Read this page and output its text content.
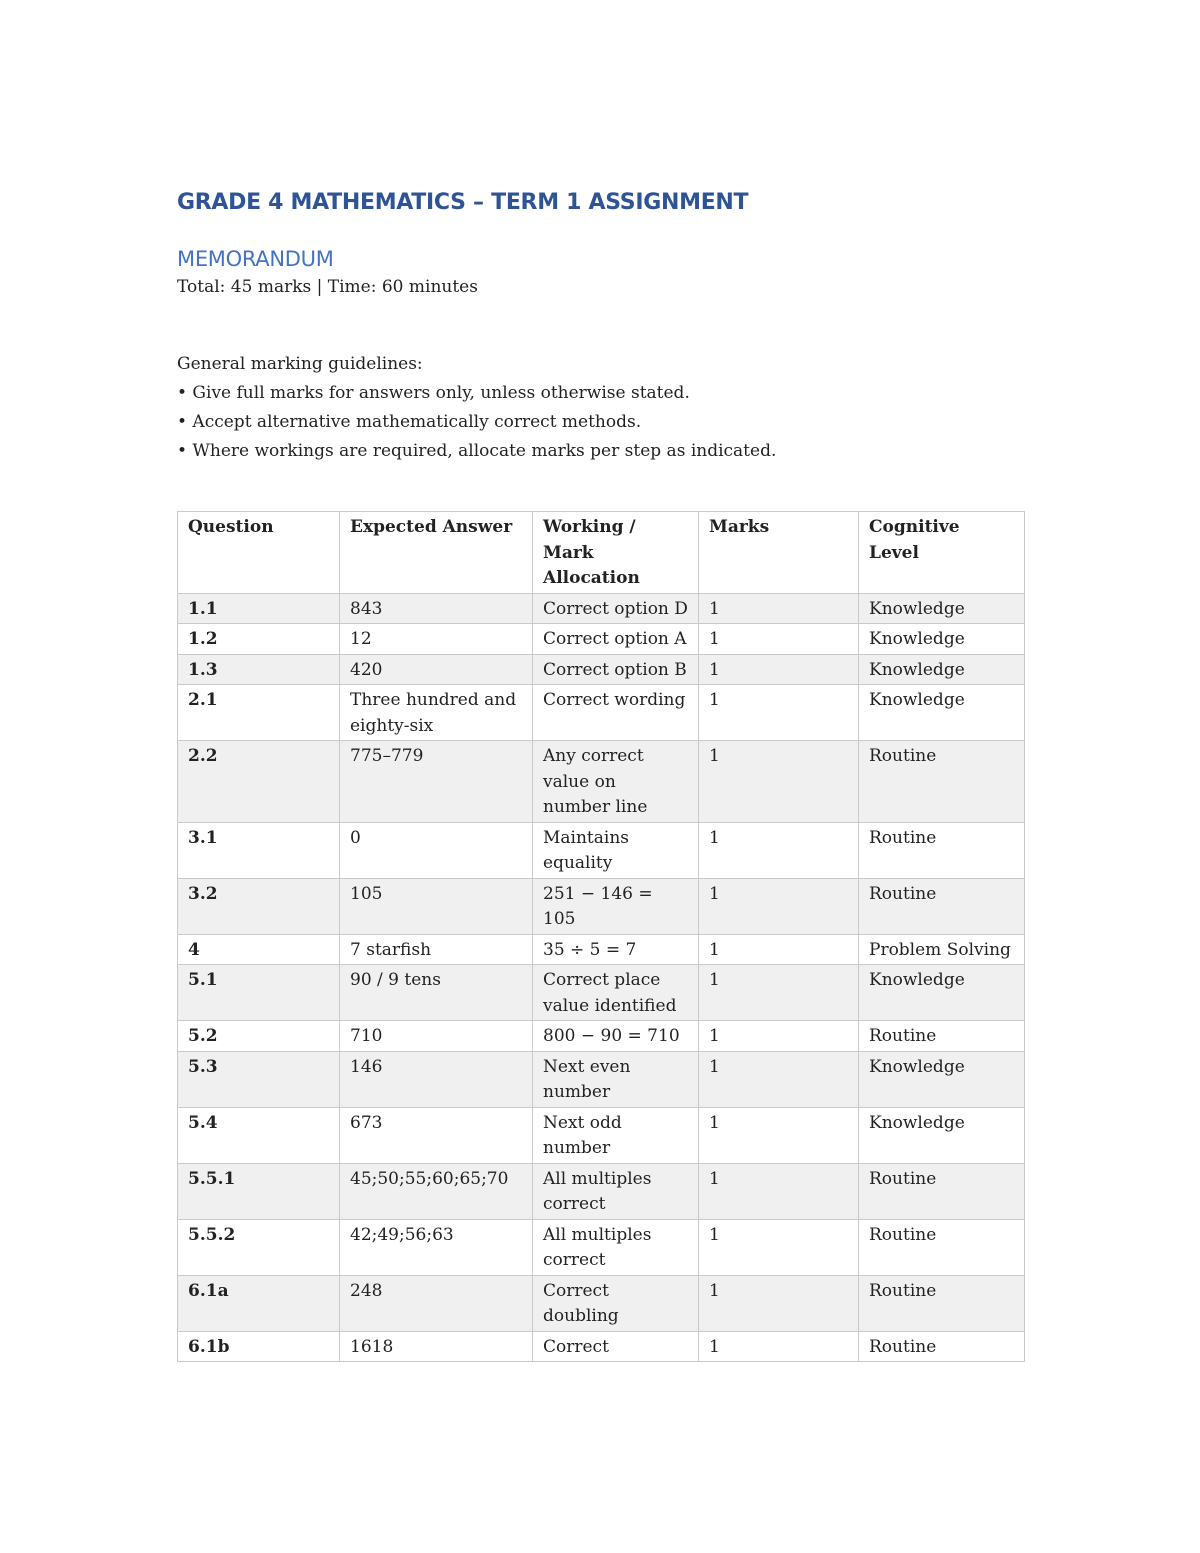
GRADE 4 MATHEMATICS – TERM 1 ASSIGNMENT
MEMORANDUM

Total: 45 marks | Time: 60 minutes

General marking guidelines:

• Give full marks for answers only, unless otherwise stated.

• Accept alternative mathematically correct methods.

• Where workings are required, allocate marks per step as indicated.

Question	Expected Answer	Working / Mark Allocation	Marks	Cognitive Level
1.1	843	Correct option D	1	Knowledge
1.2	12	Correct option A	1	Knowledge
1.3	420	Correct option B	1	Knowledge
2.1	Three hundred and eighty-six	Correct wording	1	Knowledge
2.2	775–779	Any correct value on number line	1	Routine
3.1	0	Maintains equality	1	Routine
3.2	105	251 − 146 = 105	1	Routine
4	7 starfish	35 ÷ 5 = 7	1	Problem Solving
5.1	90 / 9 tens	Correct place value identified	1	Knowledge
5.2	710	800 − 90 = 710	1	Routine
5.3	146	Next even number	1	Knowledge
5.4	673	Next odd number	1	Knowledge
5.5.1	45;50;55;60;65;70	All multiples correct	1	Routine
5.5.2	42;49;56;63	All multiples correct	1	Routine
6.1a	248	Correct doubling	1	Routine
6.1b	1618	Correct	1	Routine
